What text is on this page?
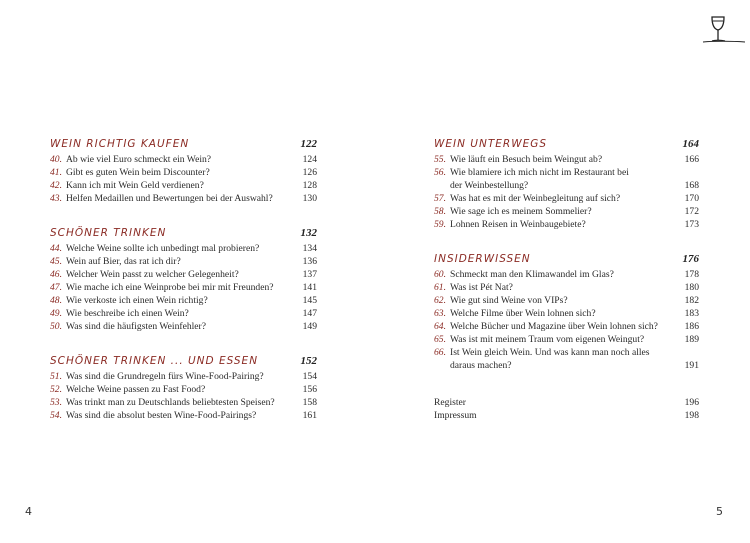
WEIN RICHTIG KAUFEN	122
40. Ab wie viel Euro schmeckt ein Wein?	124
41. Gibt es guten Wein beim Discounter?	126
42. Kann ich mit Wein Geld verdienen?	128
43. Helfen Medaillen und Bewertungen bei der Auswahl?	130
SCHÖNER TRINKEN	132
44. Welche Weine sollte ich unbedingt mal probieren?	134
45. Wein auf Bier, das rat ich dir?	136
46. Welcher Wein passt zu welcher Gelegenheit?	137
47. Wie mache ich eine Weinprobe bei mir mit Freunden?	141
48. Wie verkoste ich einen Wein richtig?	145
49. Wie beschreibe ich einen Wein?	147
50. Was sind die häufigsten Weinfehler?	149
SCHÖNER TRINKEN ... UND ESSEN	152
51. Was sind die Grundregeln fürs Wine-Food-Pairing?	154
52. Welche Weine passen zu Fast Food?	156
53. Was trinkt man zu Deutschlands beliebtesten Speisen?	158
54. Was sind die absolut besten Wine-Food-Pairings?	161
WEIN UNTERWEGS	164
55. Wie läuft ein Besuch beim Weingut ab?	166
56. Wie blamiere ich mich nicht im Restaurant bei
der Weinbestellung?	168
57. Was hat es mit der Weinbegleitung auf sich?	170
58. Wie sage ich es meinem Sommelier?	172
59. Lohnen Reisen in Weinbaugebiete?	173
INSIDERWISSEN	176
60. Schmeckt man den Klimawandel im Glas?	178
61. Was ist Pét Nat?	180
62. Wie gut sind Weine von VIPs?	182
63. Welche Filme über Wein lohnen sich?	183
64. Welche Bücher und Magazine über Wein lohnen sich?	186
65. Was ist mit meinem Traum vom eigenen Weingut?	189
66. Ist Wein gleich Wein. Und was kann man noch alles
daraus machen?	191
Register	196
Impressum	198
4	5
